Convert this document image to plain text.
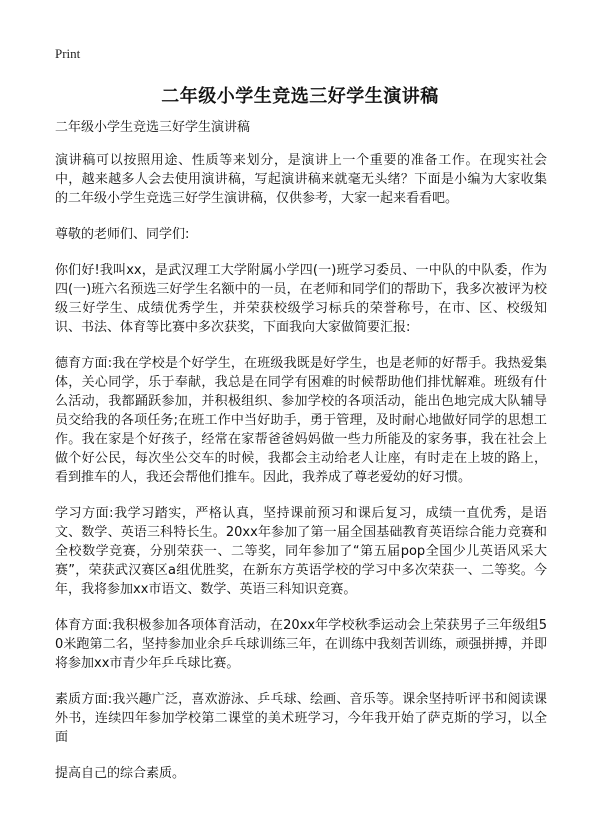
Print
二年级小学生竞选三好学生演讲稿

二年级小学生竞选三好学生演讲稿

演讲稿可以按照用途、性质等来划分，是演讲上一个重要的准备工作。在现实社会中，越来越多人会去使用演讲稿，写起演讲稿来就毫无头绪？下面是小编为大家收集的二年级小学生竞选三好学生演讲稿，仅供参考，大家一起来看看吧。

尊敬的老师们、同学们:

你们好!我叫xx，是武汉理工大学附属小学四(一)班学习委员、一中队的中队委，作为四(一)班六名预选三好学生名额中的一员，在老师和同学们的帮助下，我多次被评为校级三好学生、成绩优秀学生，并荣获校级学习标兵的荣誉称号，在市、区、校级知识、书法、体育等比赛中多次获奖，下面我向大家做简要汇报:

德育方面:我在学校是个好学生，在班级我既是好学生，也是老师的好帮手。我热爱集体，关心同学，乐于奉献，我总是在同学有困难的时候帮助他们排忧解难。班级有什么活动，我都踊跃参加，并积极组织、参加学校的各项活动，能出色地完成大队辅导员交给我的各项任务;在班工作中当好助手，勇于管理，及时耐心地做好同学的思想工作。我在家是个好孩子，经常在家帮爸爸妈妈做一些力所能及的家务事，我在社会上做个好公民，每次坐公交车的时候，我都会主动给老人让座，有时走在上坡的路上，看到推车的人，我还会帮他们推车。因此，我养成了尊老爱幼的好习惯。

学习方面:我学习踏实，严格认真，坚持课前预习和课后复习，成绩一直优秀，是语文、数学、英语三科特长生。20xx年参加了第一届全国基础教育英语综合能力竞赛和全校数学竞赛，分别荣获一、二等奖，同年参加了“第五届pop全国少儿英语风采大赛”，荣获武汉赛区a组优胜奖，在新东方英语学校的学习中多次荣获一、二等奖。今年，我将参加xx市语文、数学、英语三科知识竞赛。

体育方面:我积极参加各项体育活动，在20xx年学校秋季运动会上荣获男子三年级组50米跑第二名，坚持参加业余乒乓球训练三年，在训练中我刻苦训练，顽强拼搏，并即将参加xx市青少年乒乓球比赛。

素质方面:我兴趣广泛，喜欢游泳、乒乓球、绘画、音乐等。课余坚持听评书和阅读课外书，连续四年参加学校第二课堂的美术班学习，今年我开始了萨克斯的学习，以全面

提高自己的综合素质。
